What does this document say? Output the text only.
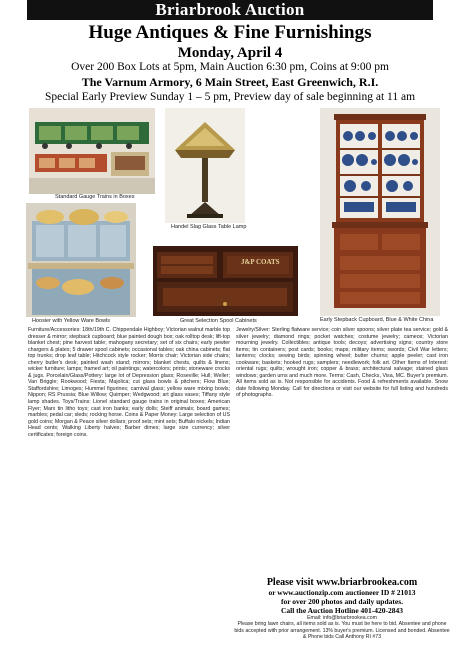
Briarbrook Auction
Huge Antiques & Fine Furnishings
Monday, April 4
Over 200 Box Lots at 5pm, Main Auction 6:30 pm, Coins at 9:00 pm
The Varnum Armory, 6 Main Street, East Greenwich, R.I.
Special Early Preview Sunday 1 – 5 pm, Preview day of sale beginning at 11 am
Standard Gauge Trains in Boxes
Handel Slag Glass Table Lamp
Early Stepback Cupboard, Blue & White China
Hoosier with Yellow Ware Bowls
J&P COATS
Great Selection Spool Cabinets
Furniture/Accessories: 18th/19th C. Chippendale Highboy; Victorian walnut marble top dresser & mirror; stepback cupboard; blue painted dough box; oak rolltop desk; lift-top blanket chest; pine harvest table; mahogany secretary; set of six chairs; early pewter chargers & plates; 5 drawer spool cabinets; occasional tables; oak china cabinets; flat top trunks; drop leaf table; Hitchcock style rocker; Morris chair; Victorian side chairs; cherry butler's desk; painted wash stand; mirrors; blanket chests, quilts & linens; wicker furniture; lamps; framed art; oil paintings; watercolors; prints; stoneware crocks & jugs. Porcelain/Glass/Pottery: large lot of Depression glass; Roseville; Hull; Weller; Van Briggle; Rookwood; Fiesta; Majolica; cut glass bowls & pitchers; Flow Blue; Staffordshire; Limoges; Hummel figurines; carnival glass; yellow ware mixing bowls; Nippon; RS Prussia; Blue Willow; Quimper; Wedgwood; art glass vases; Tiffany style lamp shades. Toys/Trains: Lionel standard gauge trains in original boxes; American Flyer; Marx tin litho toys; cast iron banks; early dolls; Steiff animals; board games; marbles; pedal car; sleds; rocking horse. Coins & Paper Money: Large selection of US gold coins; Morgan & Peace silver dollars; proof sets; mint sets; Buffalo nickels; Indian Head cents; Walking Liberty halves; Barber dimes; large size currency; silver certificates; foreign coins.
Jewelry/Silver: Sterling flatware service; coin silver spoons; silver plate tea service; gold & silver jewelry; diamond rings; pocket watches; costume jewelry; cameos; Victorian mourning jewelry. Collectibles: antique tools; decoys; advertising signs; country store items; tin containers; post cards; books; maps; military items; swords; Civil War letters; lanterns; clocks; sewing birds; spinning wheel; butter churns; apple peeler; cast iron cookware; baskets; hooked rugs; samplers; needlework; folk art. Other Items of Interest: oriental rugs; quilts; wrought iron; copper & brass; architectural salvage; stained glass windows; garden urns and much more. Terms: Cash, Checks, Visa, MC. Buyer's premium. All items sold as is. Not responsible for accidents. Food & refreshments available. Snow date following Monday. Call for directions or visit our website for full listing and hundreds of photographs.
Please visit www.briarbrookea.com
or www.auctionzip.com auctioneer ID # 21013
for over 200 photos and daily updates.
Call the Auction Hotline 401-420-2843
Email: info@briarbrookea.com
Please bring lawn chairs, all items sold as is. You must be here to bid. Absentee and phone bids accepted with prior arrangement. 13% buyer's premium. Licensed and bonded. Absentee & Phone bids Call Anthony RI #73
